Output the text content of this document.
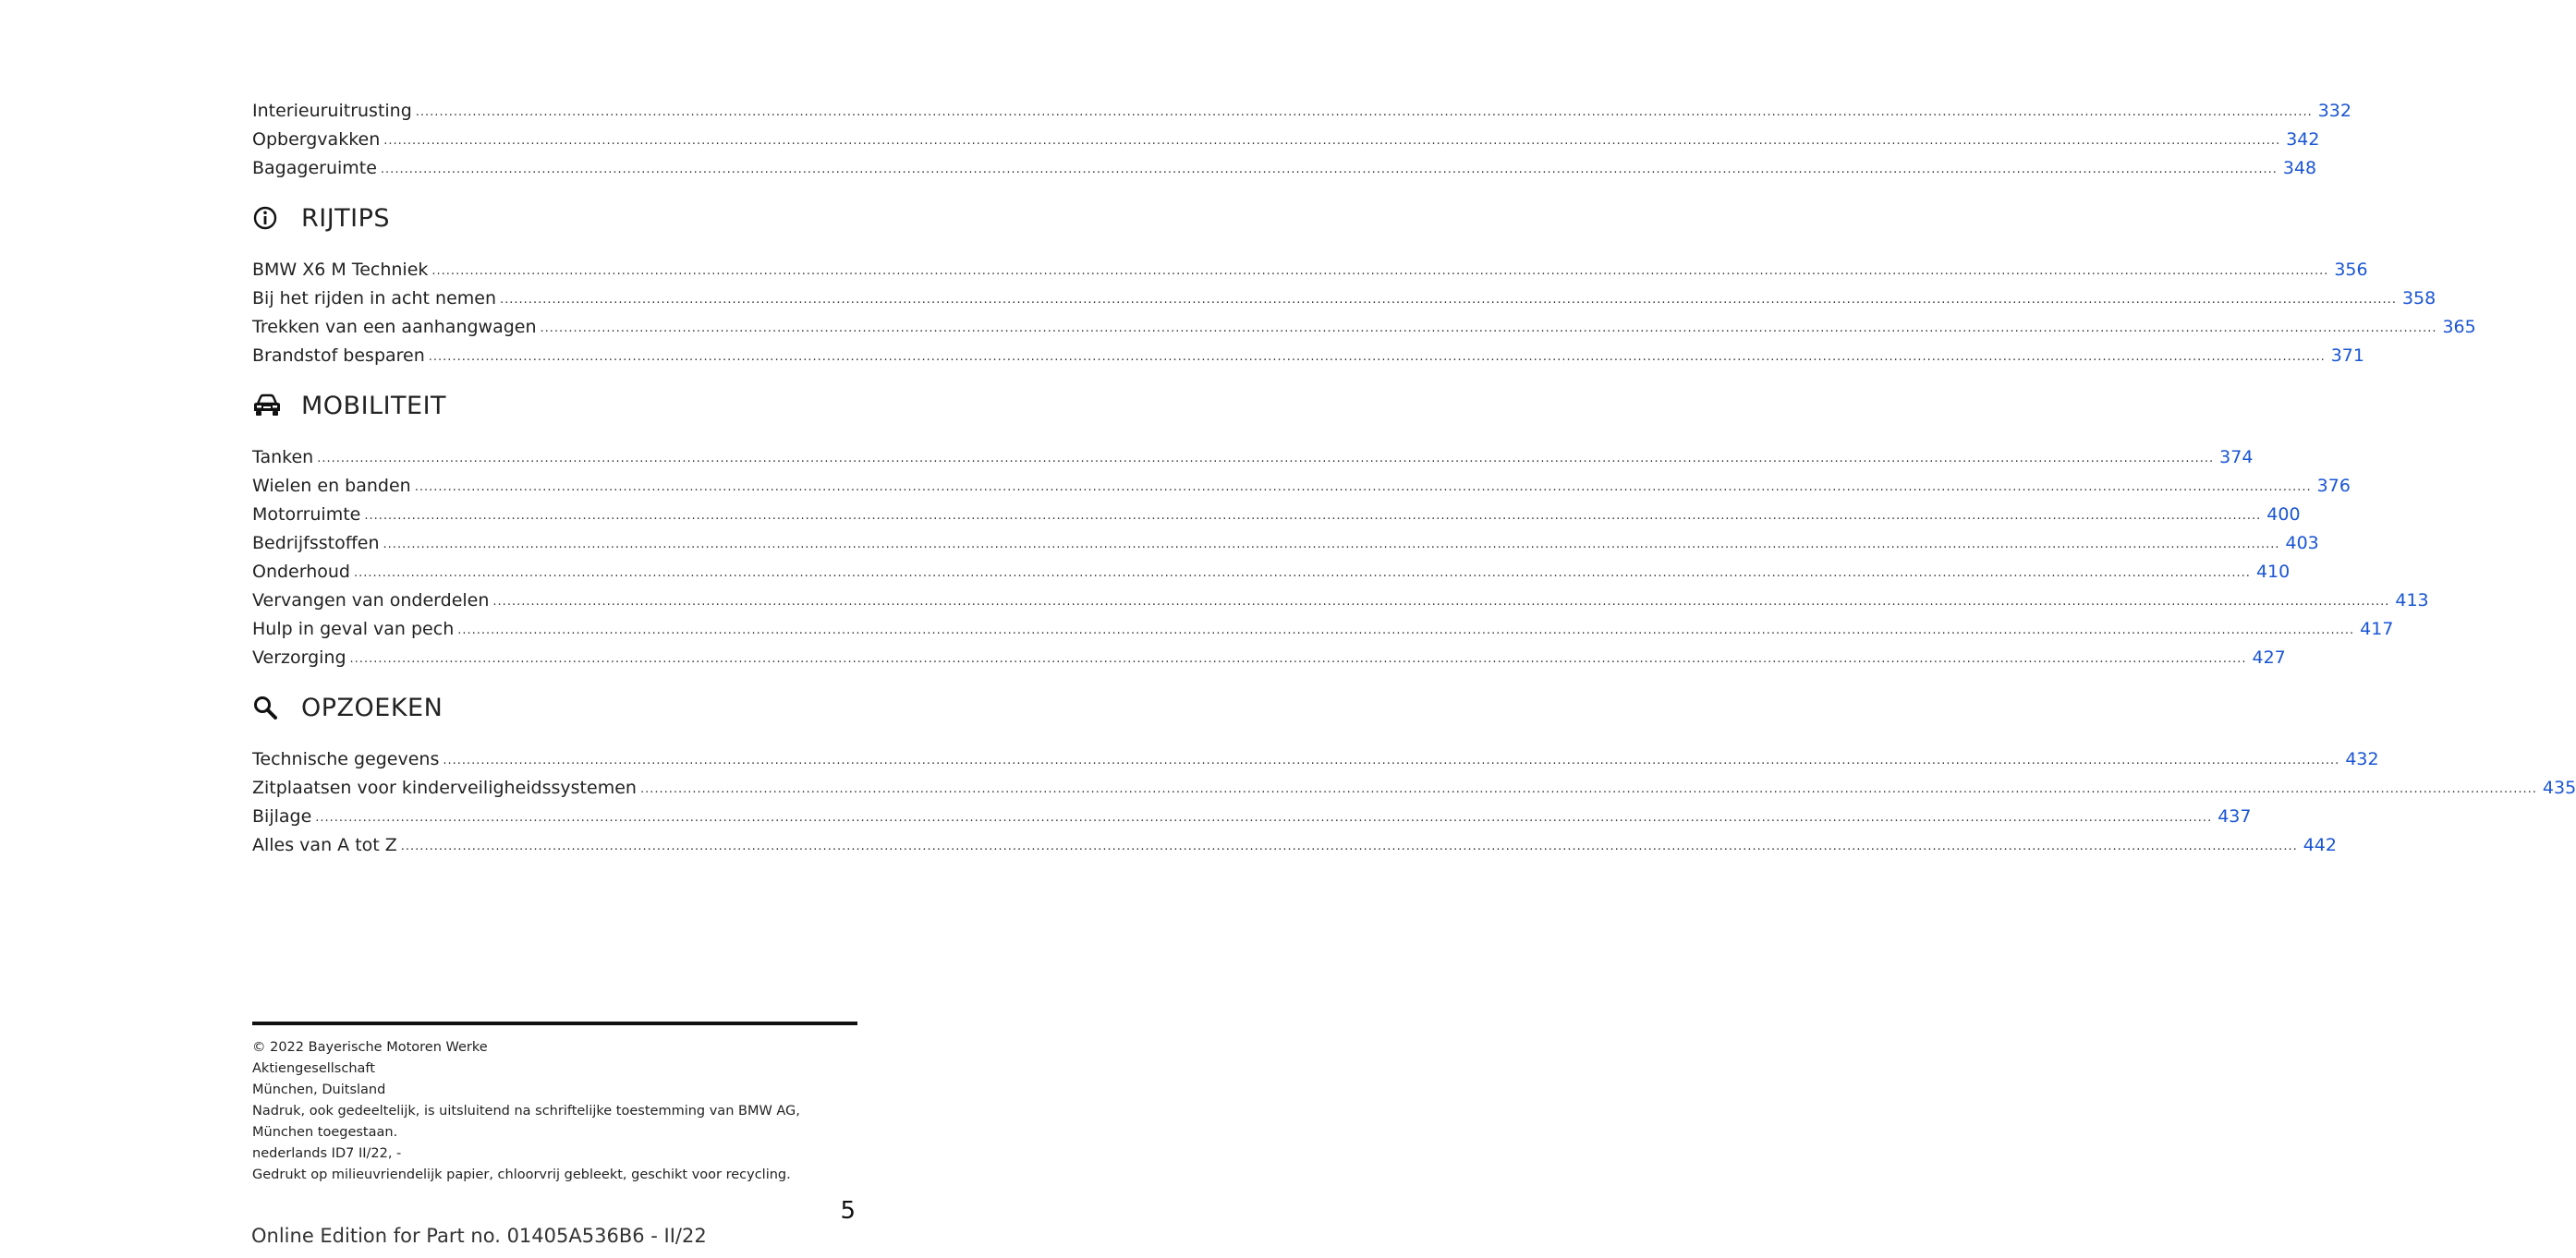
Interieuruitrusting ................................................................................................................................................................................................................................................................................................................................................................................................................ 332
Opbergvakken ................................................................................................................................................................................................................................................................................................................................................................................................................ 342
Bagageruimte ................................................................................................................................................................................................................................................................................................................................................................................................................ 348
RIJTIPS
BMW X6 M Techniek ................................................................................................................................................................................................................................................................................................................................................................................................................ 356
Bij het rijden in acht nemen ................................................................................................................................................................................................................................................................................................................................................................................................................ 358
Trekken van een aanhangwagen ................................................................................................................................................................................................................................................................................................................................................................................................................ 365
Brandstof besparen ................................................................................................................................................................................................................................................................................................................................................................................................................ 371
MOBILITEIT
Tanken ................................................................................................................................................................................................................................................................................................................................................................................................................ 374
Wielen en banden ................................................................................................................................................................................................................................................................................................................................................................................................................ 376
Motorruimte ................................................................................................................................................................................................................................................................................................................................................................................................................ 400
Bedrijfsstoffen ................................................................................................................................................................................................................................................................................................................................................................................................................ 403
Onderhoud ................................................................................................................................................................................................................................................................................................................................................................................................................ 410
Vervangen van onderdelen ................................................................................................................................................................................................................................................................................................................................................................................................................ 413
Hulp in geval van pech ................................................................................................................................................................................................................................................................................................................................................................................................................ 417
Verzorging ................................................................................................................................................................................................................................................................................................................................................................................................................ 427
OPZOEKEN
Technische gegevens ................................................................................................................................................................................................................................................................................................................................................................................................................ 432
Zitplaatsen voor kinderveiligheidssystemen ................................................................................................................................................................................................................................................................................................................................................................................................................ 435
Bijlage ................................................................................................................................................................................................................................................................................................................................................................................................................ 437
Alles van A tot Z ................................................................................................................................................................................................................................................................................................................................................................................................................ 442
© 2022 Bayerische Motoren Werke
Aktiengesellschaft
München, Duitsland
Nadruk, ook gedeeltelijk, is uitsluitend na schriftelijke toestemming van BMW AG,
München toegestaan.
nederlands ID7 II/22, -
Gedrukt op milieuvriendelijk papier, chloorvrij gebleekt, geschikt voor recycling.
5
Online Edition for Part no. 01405A536B6 - II/22
